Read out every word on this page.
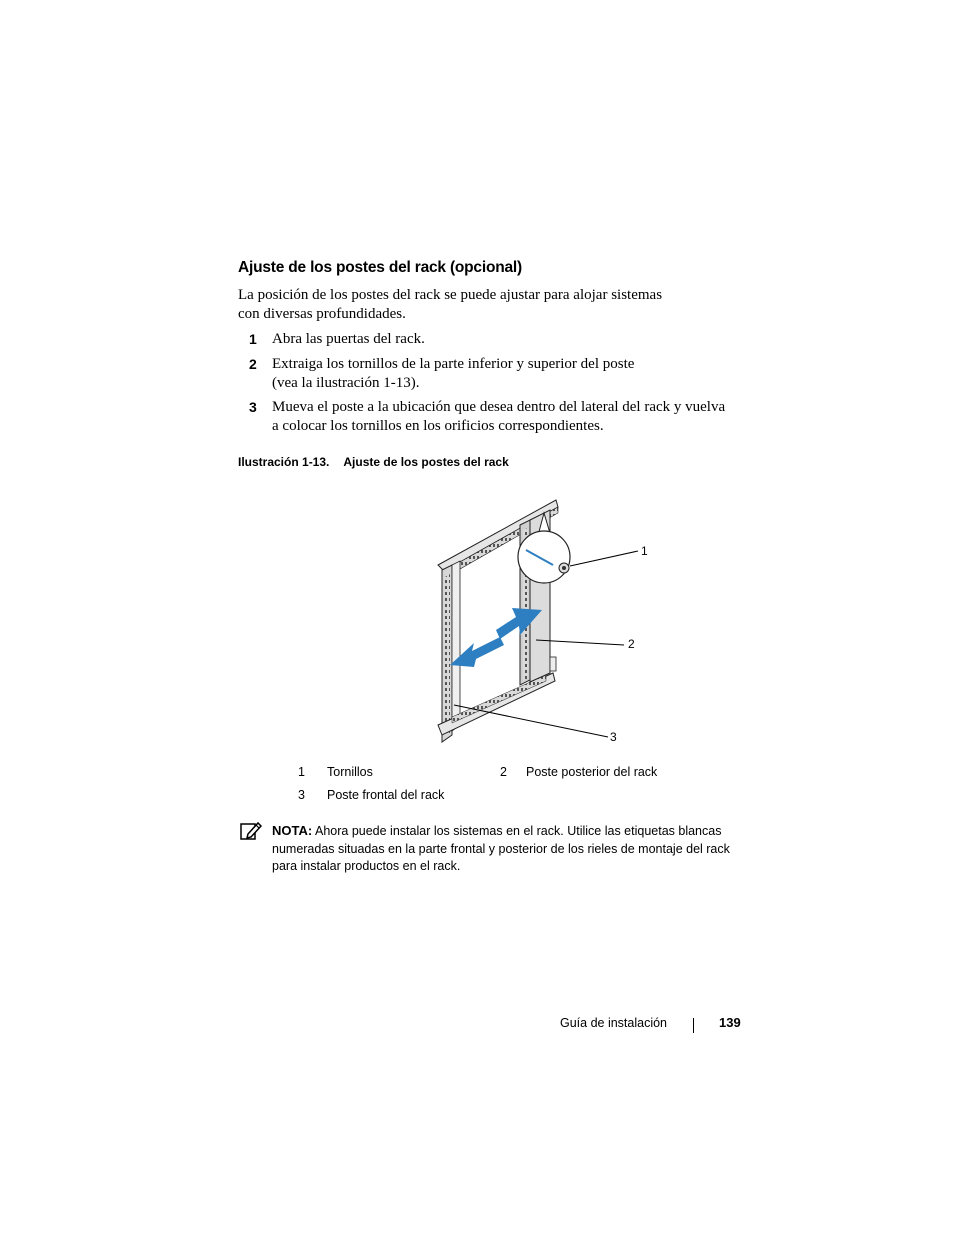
Ajuste de los postes del rack (opcional)
La posición de los postes del rack se puede ajustar para alojar sistemas
con diversas profundidades.
1 Abra las puertas del rack.
2 Extraiga los tornillos de la parte inferior y superior del poste
(vea la ilustración 1-13).
3 Mueva el poste a la ubicación que desea dentro del lateral del rack y vuelva
a colocar los tornillos en los orificios correspondientes.
Ilustración 1-13. Ajuste de los postes del rack
1
2
3
1 Tornillos	2 Poste posterior del rack
3 Poste frontal del rack
NOTA: Ahora puede instalar los sistemas en el rack. Utilice las etiquetas blancas
numeradas situadas en la parte frontal y posterior de los rieles de montaje del rack
para instalar productos en el rack.
Guía de instalación	139
